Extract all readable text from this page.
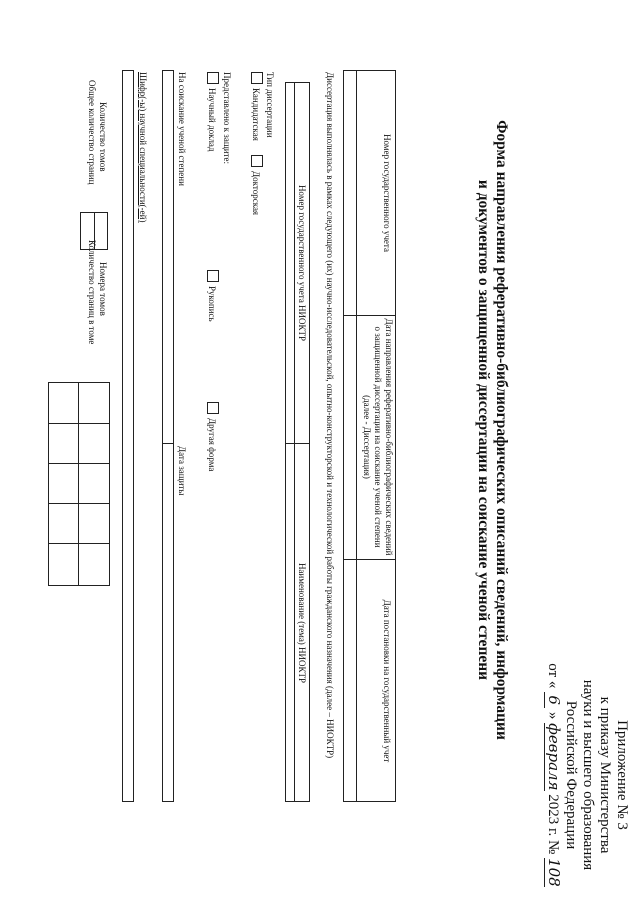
Приложение № 3
к приказу Министерства
науки и высшего образования
Российской Федерации
от « 6 » февраля 2023 г. № 108
Форма направления реферативно-библиографических описаний сведений, информации
и документов о защищенной диссертации на соискание ученой степени
Номер государственного учета
Дата направления реферативно-библиографических сведений о защищенной диссертации на соискание ученой степени (далее - Диссертация)
Дата постановки на государственный учет
Диссертация выполнялась в рамках следующего (их) научно-исследовательской, опытно-конструкторской и технологической работы гражданского назначения (далее – НИОКТР)
Номер государственного учета НИОКТР
Наименование (тема) НИОКТР
Тип диссертации
Кандидатская
Докторская
Представлено к защите:
Научный доклад
Рукопись
Другая форма
На соискание ученой степени
Дата защиты
Шифр(-ы) научной специальности(-ей)
Количество томов
Общее количество страниц
Номера томов
Количество страниц в томе
